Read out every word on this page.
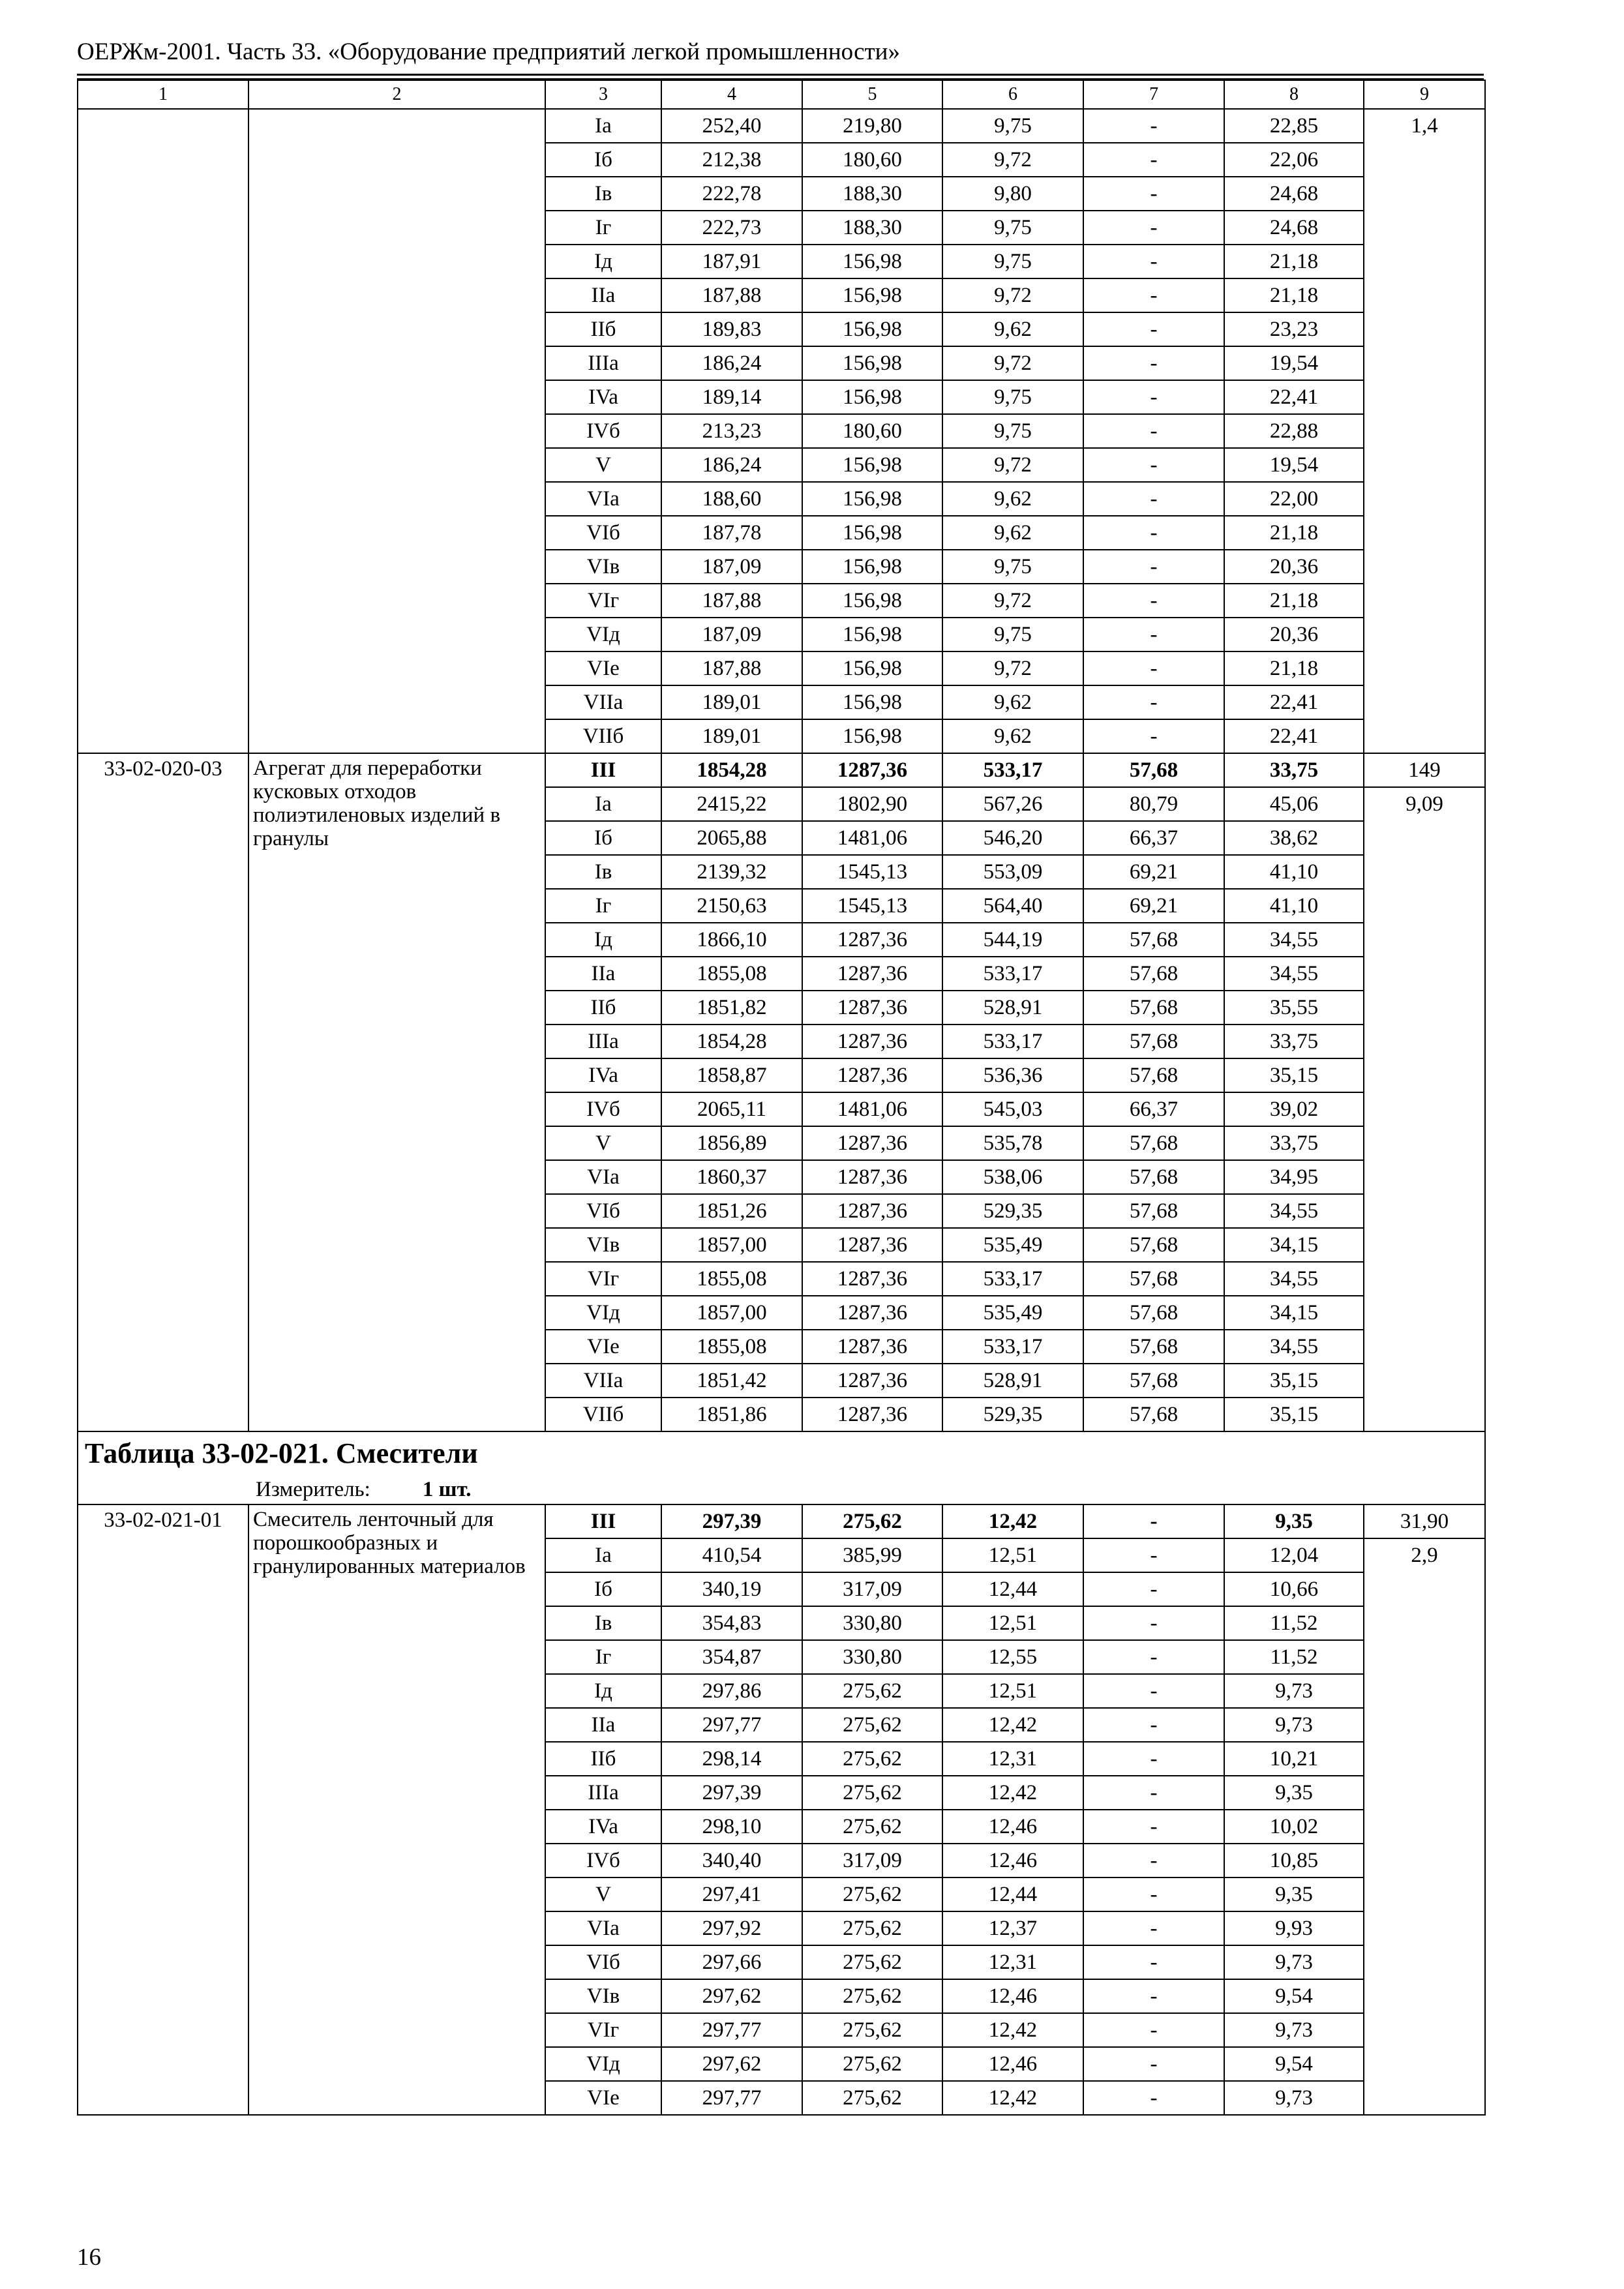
ОЕРЖм-2001. Часть 33. «Оборудование предприятий легкой промышленности»
1	2	3	4	5	6	7	8	9
		Ia	252,40	219,80	9,75	-	22,85	1,4
		Iб	212,38	180,60	9,72	-	22,06	
		Iв	222,78	188,30	9,80	-	24,68	
		Iг	222,73	188,30	9,75	-	24,68	
		Iд	187,91	156,98	9,75	-	21,18	
		IIa	187,88	156,98	9,72	-	21,18	
		IIб	189,83	156,98	9,62	-	23,23	
		IIIa	186,24	156,98	9,72	-	19,54	
		IVa	189,14	156,98	9,75	-	22,41	
		IVб	213,23	180,60	9,75	-	22,88	
		V	186,24	156,98	9,72	-	19,54	
		VIa	188,60	156,98	9,62	-	22,00	
		VIб	187,78	156,98	9,62	-	21,18	
		VIв	187,09	156,98	9,75	-	20,36	
		VIг	187,88	156,98	9,72	-	21,18	
		VIд	187,09	156,98	9,75	-	20,36	
		VIe	187,88	156,98	9,72	-	21,18	
		VIIa	189,01	156,98	9,62	-	22,41	
		VIIб	189,01	156,98	9,62	-	22,41	
33-02-020-03	Агрегат для переработки кусковых отходов полиэтиленовых изделий в гранулы	III	1854,28	1287,36	533,17	57,68	33,75	149
		Ia	2415,22	1802,90	567,26	80,79	45,06	9,09
		Iб	2065,88	1481,06	546,20	66,37	38,62	
		Iв	2139,32	1545,13	553,09	69,21	41,10	
		Iг	2150,63	1545,13	564,40	69,21	41,10	
		Iд	1866,10	1287,36	544,19	57,68	34,55	
		IIa	1855,08	1287,36	533,17	57,68	34,55	
		IIб	1851,82	1287,36	528,91	57,68	35,55	
		IIIa	1854,28	1287,36	533,17	57,68	33,75	
		IVa	1858,87	1287,36	536,36	57,68	35,15	
		IVб	2065,11	1481,06	545,03	66,37	39,02	
		V	1856,89	1287,36	535,78	57,68	33,75	
		VIa	1860,37	1287,36	538,06	57,68	34,95	
		VIб	1851,26	1287,36	529,35	57,68	34,55	
		VIв	1857,00	1287,36	535,49	57,68	34,15	
		VIг	1855,08	1287,36	533,17	57,68	34,55	
		VIд	1857,00	1287,36	535,49	57,68	34,15	
		VIe	1855,08	1287,36	533,17	57,68	34,55	
		VIIa	1851,42	1287,36	528,91	57,68	35,15	
		VIIб	1851,86	1287,36	529,35	57,68	35,15	
Таблица 33-02-021. Смесители								
Измеритель: 1 шт.								
33-02-021-01	Смеситель ленточный для порошкообразных и гранулированных материалов	III	297,39	275,62	12,42	-	9,35	31,90
		Ia	410,54	385,99	12,51	-	12,04	2,9
		Iб	340,19	317,09	12,44	-	10,66	
		Iв	354,83	330,80	12,51	-	11,52	
		Iг	354,87	330,80	12,55	-	11,52	
		Iд	297,86	275,62	12,51	-	9,73	
		IIa	297,77	275,62	12,42	-	9,73	
		IIб	298,14	275,62	12,31	-	10,21	
		IIIa	297,39	275,62	12,42	-	9,35	
		IVa	298,10	275,62	12,46	-	10,02	
		IVб	340,40	317,09	12,46	-	10,85	
		V	297,41	275,62	12,44	-	9,35	
		VIa	297,92	275,62	12,37	-	9,93	
		VIб	297,66	275,62	12,31	-	9,73	
		VIв	297,62	275,62	12,46	-	9,54	
		VIг	297,77	275,62	12,42	-	9,73	
		VIд	297,62	275,62	12,46	-	9,54	
		VIe	297,77	275,62	12,42	-	9,73	
16
